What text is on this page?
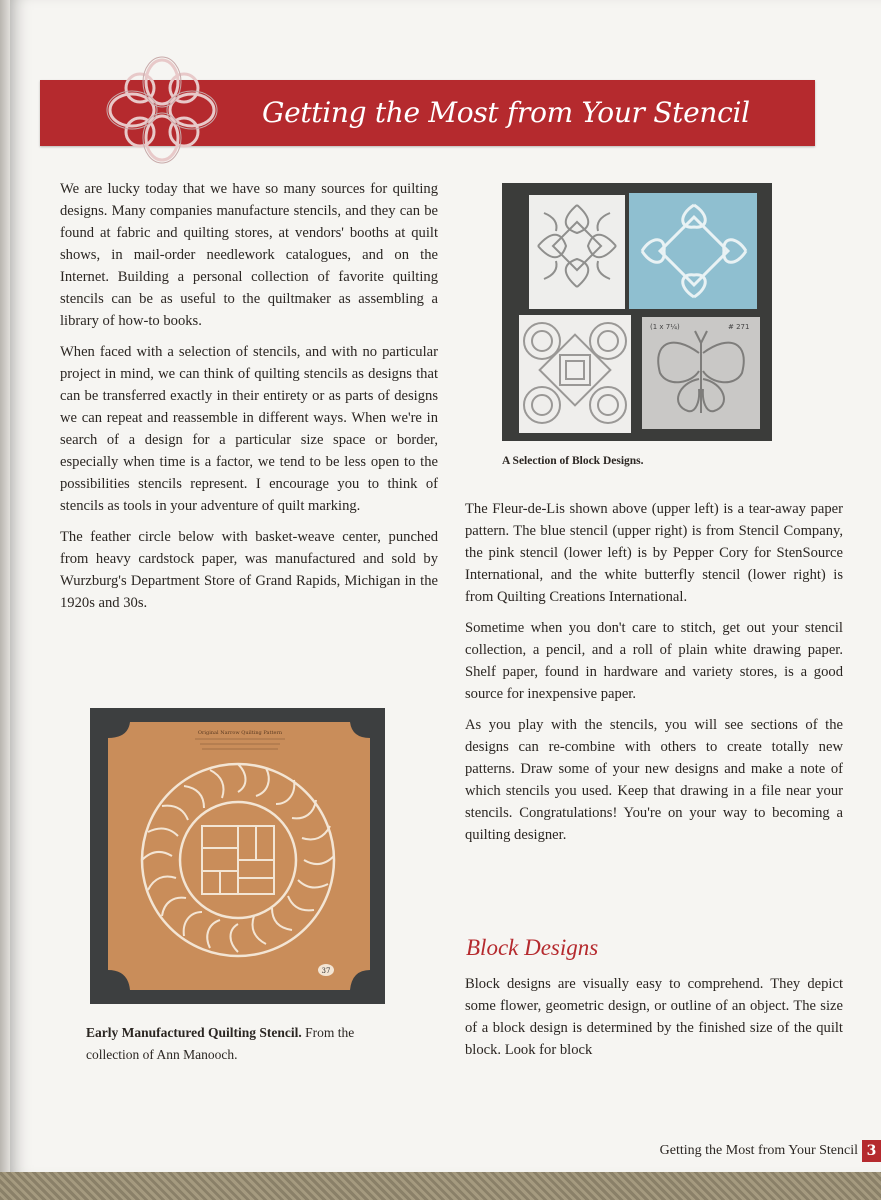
Getting the Most from Your Stencil

We are lucky today that we have so many sources for quilting designs. Many companies manufacture stencils, and they can be found at fabric and quilting stores, at vendors' booths at quilt shows, in mail-order needlework catalogues, and on the Internet. Building a personal collection of favorite quilting stencils can be as useful to the quiltmaker as assembling a library of how-to books.

When faced with a selection of stencils, and with no particular project in mind, we can think of quilting stencils as designs that can be transferred exactly in their entirety or as parts of designs we can repeat and reassemble in different ways. When we're in search of a design for a particular size space or border, especially when time is a factor, we tend to be less open to the possibilities stencils represent. I encourage you to think of stencils as tools in your adventure of quilt marking.

The feather circle below with basket-weave center, punched from heavy cardstock paper, was manufactured and sold by Wurzburg's Department Store of Grand Rapids, Michigan in the 1920s and 30s.

(1 x 7¼)	# 271
A Selection of Block Designs.
Original Narrow Quilting Pattern
37
Early Manufactured Quilting Stencil. From the collection of Ann Manooch.

The Fleur-de-Lis shown above (upper left) is a tear-away paper pattern. The blue stencil (upper right) is from Stencil Company, the pink stencil (lower left) is by Pepper Cory for StenSource International, and the white butterfly stencil (lower right) is from Quilting Creations International.

Sometime when you don't care to stitch, get out your stencil collection, a pencil, and a roll of plain white drawing paper. Shelf paper, found in hardware and variety stores, is a good source for inexpensive paper.

As you play with the stencils, you will see sections of the designs can re-combine with others to create totally new patterns. Draw some of your new designs and make a note of which stencils you used. Keep that drawing in a file near your stencils. Congratulations! You're on your way to becoming a quilting designer.

Block Designs
Block designs are visually easy to comprehend. They depict some flower, geometric design, or outline of an object. The size of a block design is determined by the finished size of the quilt block. Look for block
Getting the Most from Your Stencil 3
